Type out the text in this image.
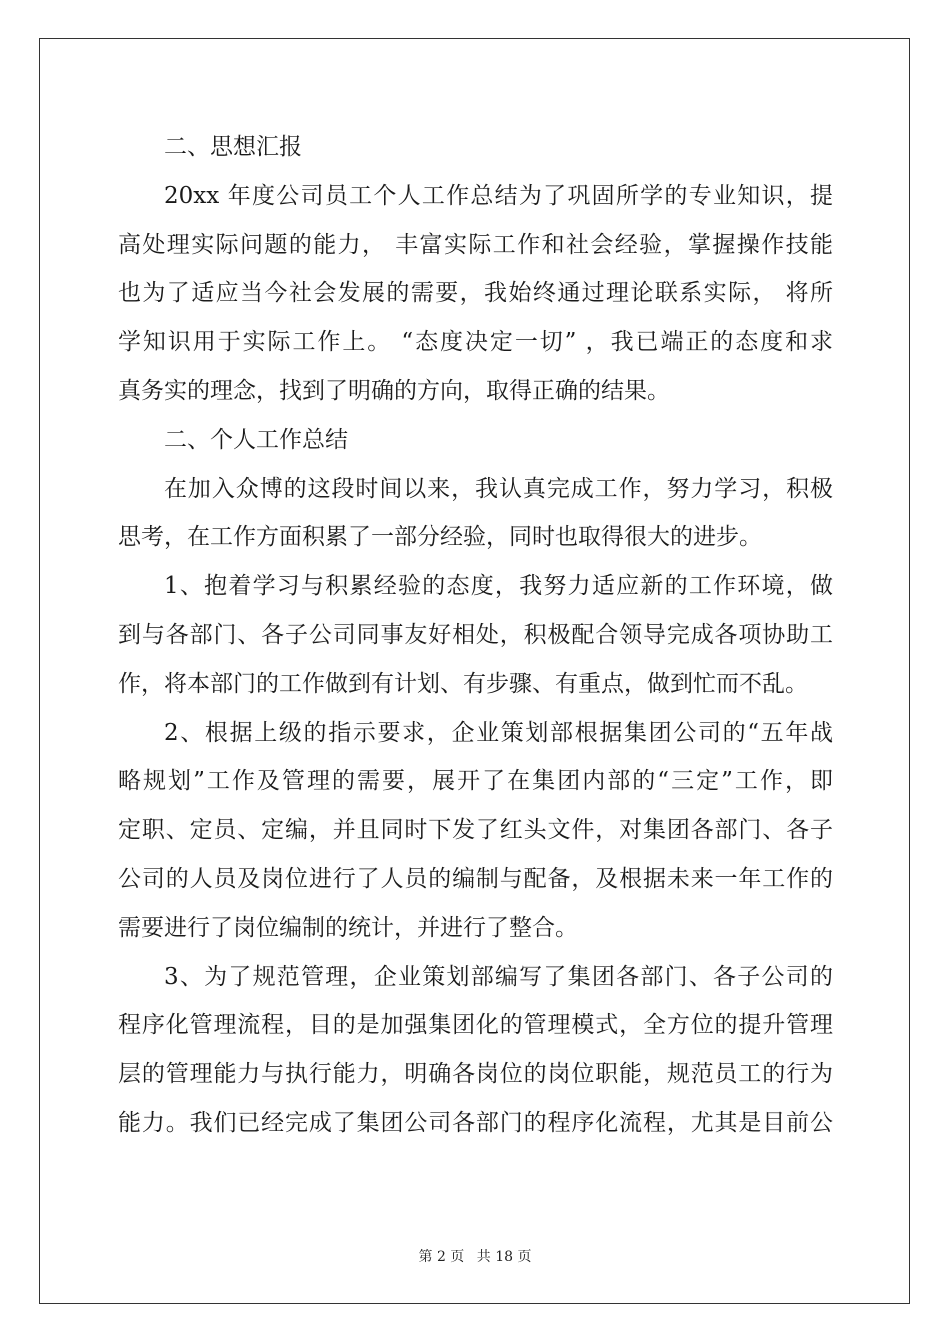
二、思想汇报
20xx 年度公司员工个人工作总结为了巩固所学的专业知识，提
高处理实际问题的能力， 丰富实际工作和社会经验，掌握操作技能
也为了适应当今社会发展的需要，我始终通过理论联系实际， 将所
学知识用于实际工作上。 “态度决定一切” ，我已端正的态度和求
真务实的理念，找到了明确的方向，取得正确的结果。
二、个人工作总结
在加入众博的这段时间以来，我认真完成工作，努力学习，积极
思考，在工作方面积累了一部分经验，同时也取得很大的进步。
1、抱着学习与积累经验的态度，我努力适应新的工作环境，做
到与各部门、各子公司同事友好相处，积极配合领导完成各项协助工
作，将本部门的工作做到有计划、有步骤、有重点，做到忙而不乱。
2、根据上级的指示要求，企业策划部根据集团公司的“五年战
略规划”工作及管理的需要，展开了在集团内部的“三定”工作，即
定职、定员、定编，并且同时下发了红头文件，对集团各部门、各子
公司的人员及岗位进行了人员的编制与配备，及根据未来一年工作的
需要进行了岗位编制的统计，并进行了整合。
3、为了规范管理，企业策划部编写了集团各部门、各子公司的
程序化管理流程，目的是加强集团化的管理模式，全方位的提升管理
层的管理能力与执行能力，明确各岗位的岗位职能，规范员工的行为
能力。我们已经完成了集团公司各部门的程序化流程，尤其是目前公
第 2 页 共 18 页
